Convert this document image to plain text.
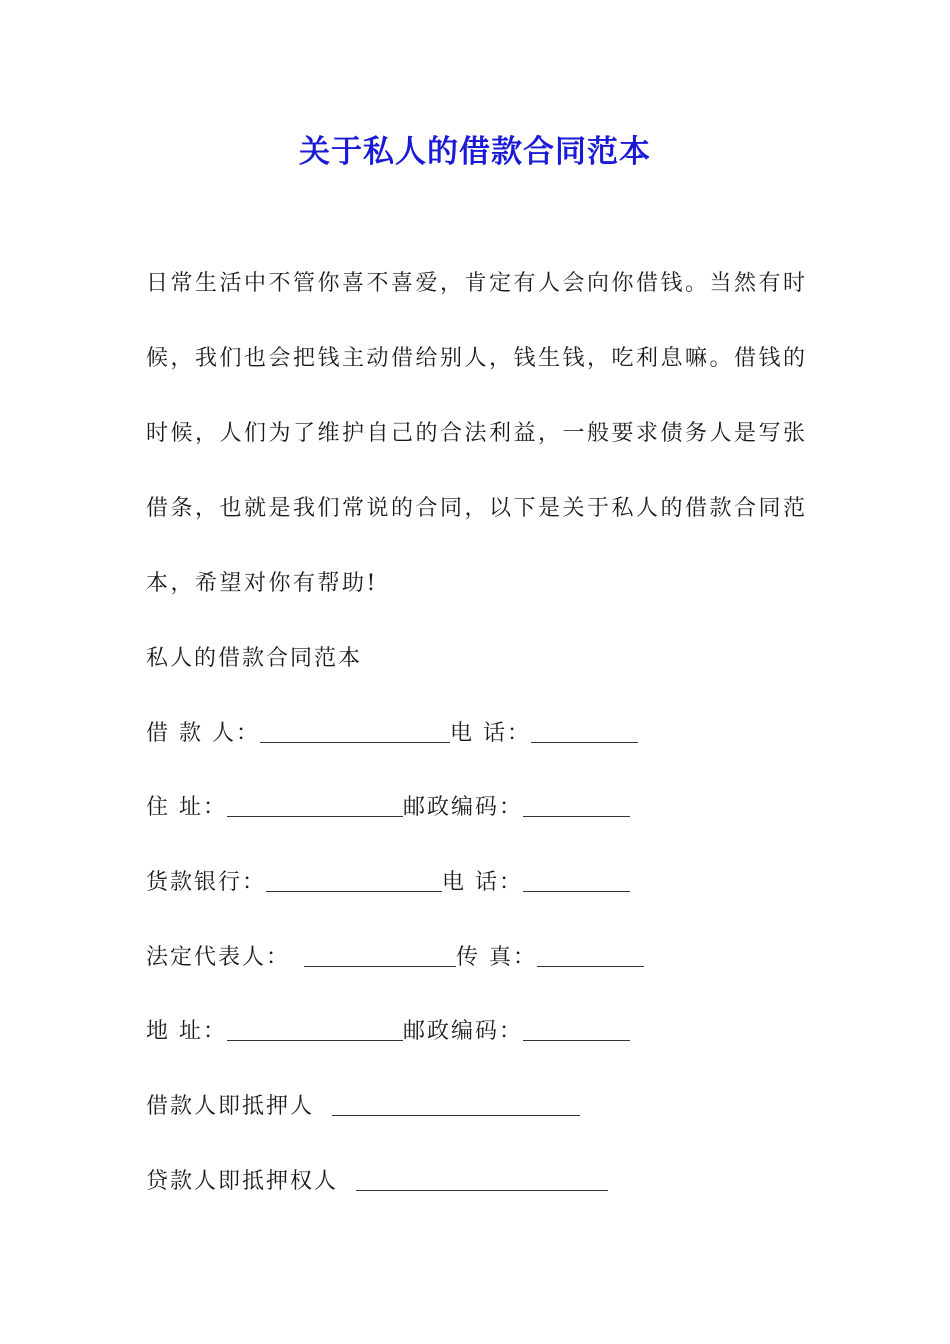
关于私人的借款合同范本
日常生活中不管你喜不喜爱，肯定有人会向你借钱。当然有时
候，我们也会把钱主动借给别人，钱生钱，吃利息嘛。借钱的
时候，人们为了维护自己的合法利益，一般要求债务人是写张
借条，也就是我们常说的合同，以下是关于私人的借款合同范
本，希望对你有帮助!
私人的借款合同范本
借 款 人：	电 话：
住 址：	邮政编码：
货款银行：	电 话：
法定代表人：	传 真：
地 址：	邮政编码：
借款人即抵押人
贷款人即抵押权人
